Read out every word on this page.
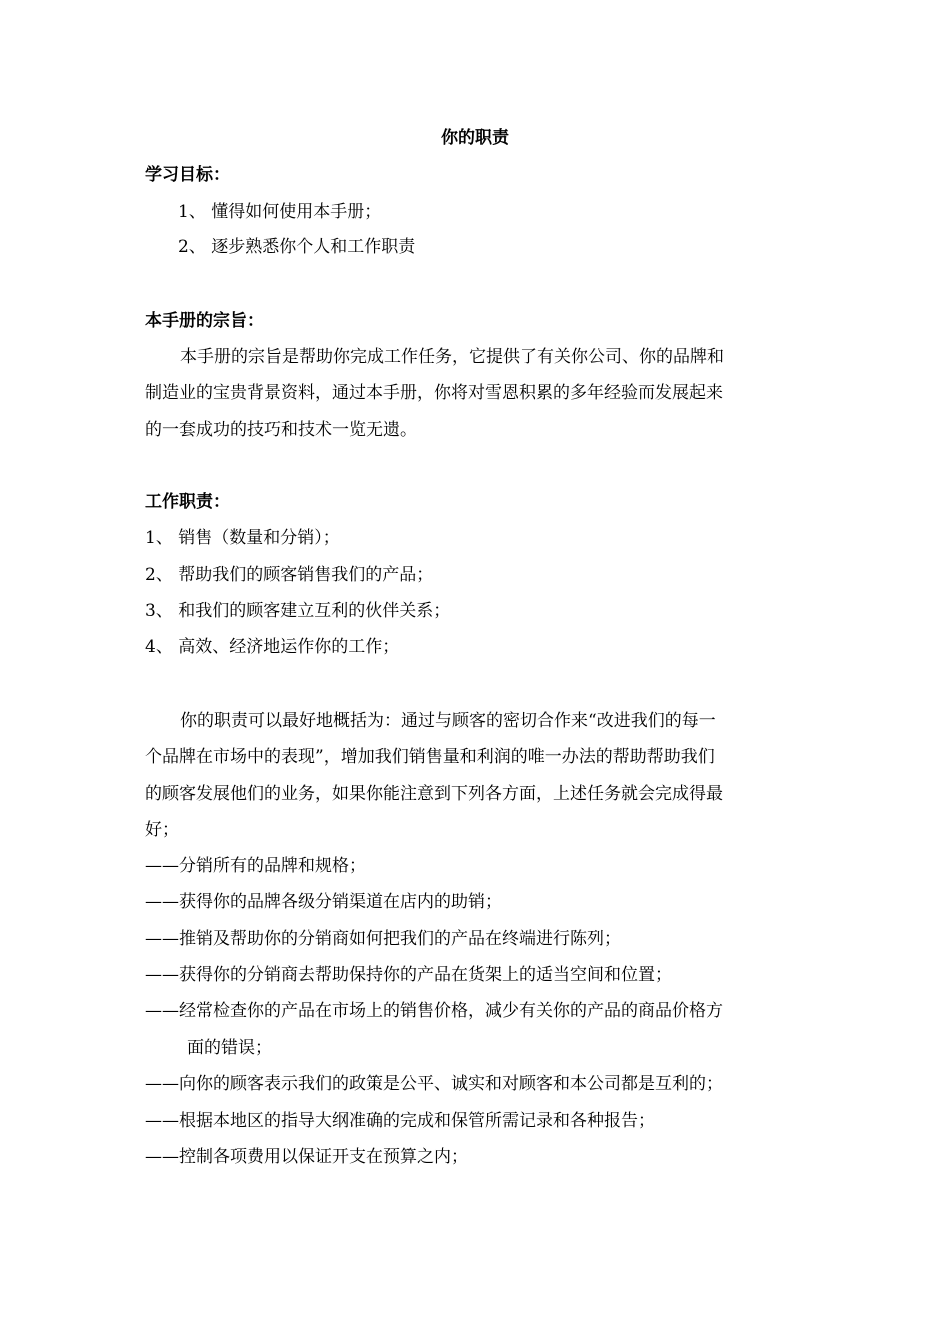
你的职责
学习目标：
1、 懂得如何使用本手册；
2、 逐步熟悉你个人和工作职责
本手册的宗旨：
本手册的宗旨是帮助你完成工作任务，它提供了有关你公司、你的品牌和
制造业的宝贵背景资料，通过本手册，你将对雪恩积累的多年经验而发展起来
的一套成功的技巧和技术一览无遗。
工作职责：
1、 销售（数量和分销）；
2、 帮助我们的顾客销售我们的产品；
3、 和我们的顾客建立互利的伙伴关系；
4、 高效、经济地运作你的工作；
你的职责可以最好地概括为：通过与顾客的密切合作来“改进我们的每一
个品牌在市场中的表现”，增加我们销售量和利润的唯一办法的帮助帮助我们
的顾客发展他们的业务，如果你能注意到下列各方面，上述任务就会完成得最
好；
——分销所有的品牌和规格；
——获得你的品牌各级分销渠道在店内的助销；
——推销及帮助你的分销商如何把我们的产品在终端进行陈列；
——获得你的分销商去帮助保持你的产品在货架上的适当空间和位置；
——经常检查你的产品在市场上的销售价格，减少有关你的产品的商品价格方
面的错误；
——向你的顾客表示我们的政策是公平、诚实和对顾客和本公司都是互利的；
——根据本地区的指导大纲准确的完成和保管所需记录和各种报告；
——控制各项费用以保证开支在预算之内；
